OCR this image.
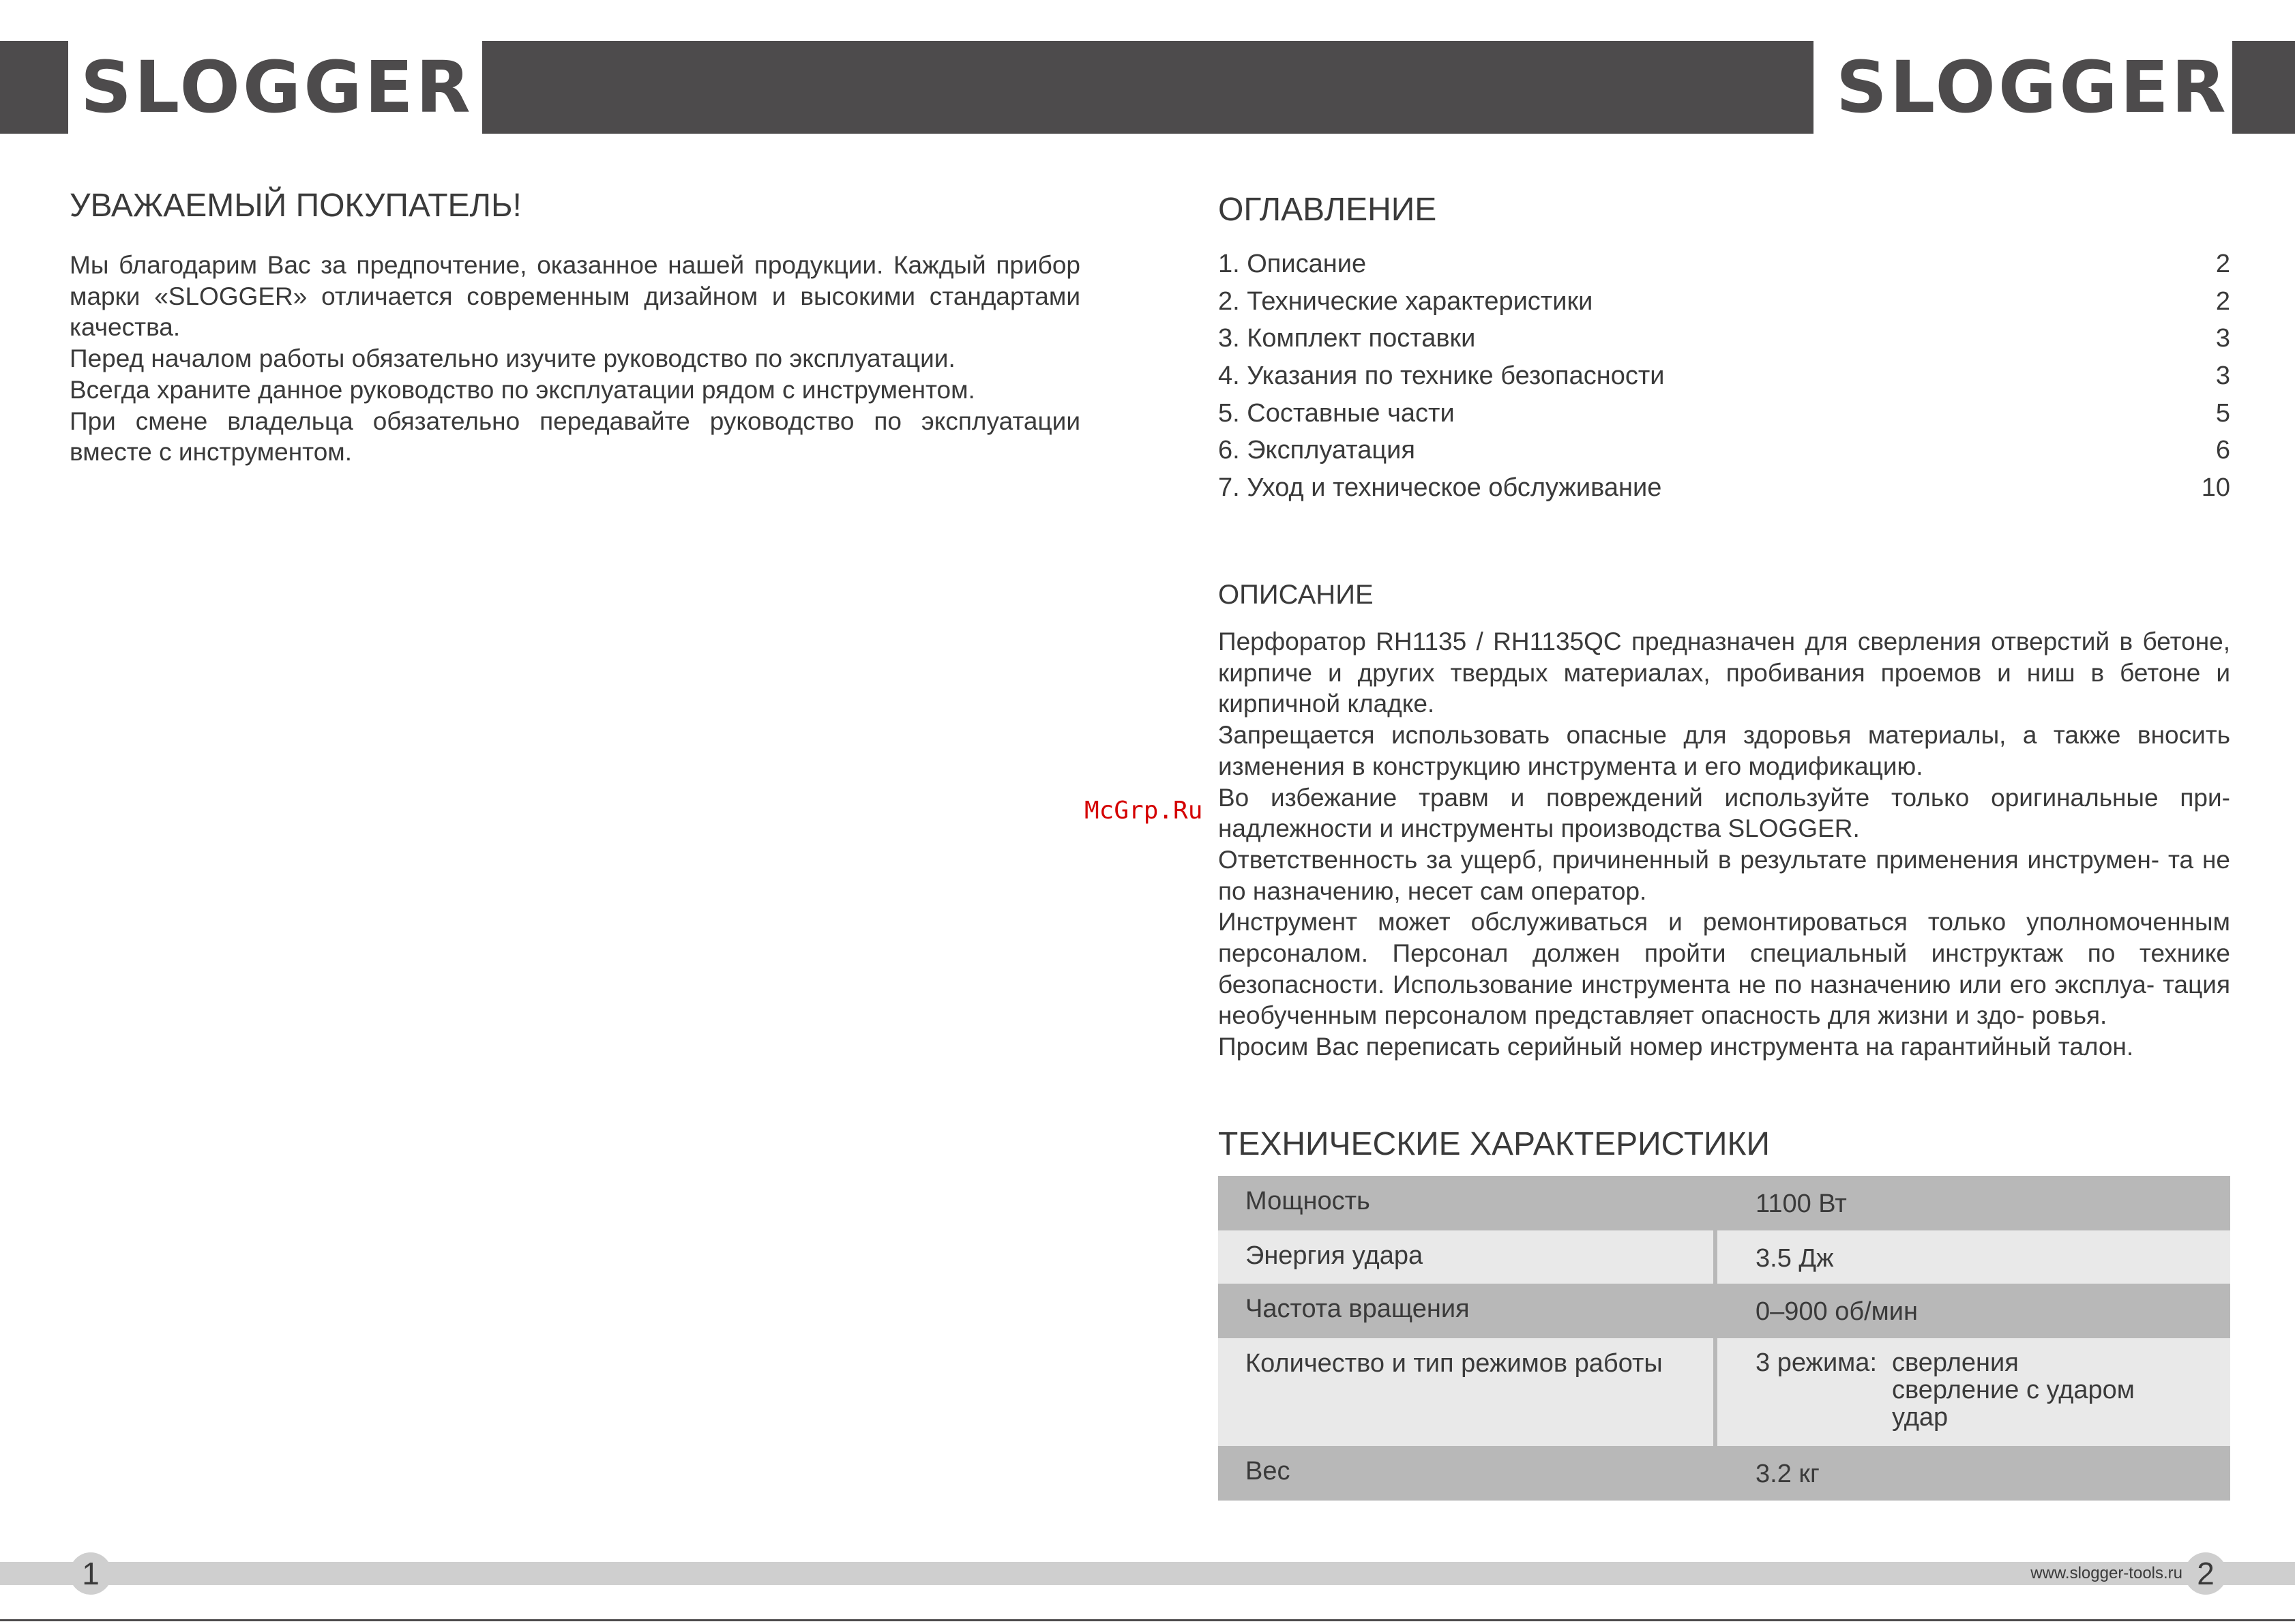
SLOGGER	SLOGGER
УВАЖАЕМЫЙ ПОКУПАТЕЛЬ!

Мы благодарим Вас за предпочтение, оказанное нашей продукции. Каждый прибор марки «SLOGGER» отличается современным дизайном и высокими стандартами качества.

Перед началом работы обязательно изучите руководство по эксплуатации.

Всегда храните данное руководство по эксплуатации рядом с инструментом.

При смене владельца обязательно передавайте руководство по эксплуатации вместе с инструментом.

ОГЛАВЛЕНИЕ
1. Описание	2
2. Технические характеристики	2
3. Комплект поставки	3
4. Указания по технике безопасности	3
5. Составные части	5
6. Эксплуатация	6
7. Уход и техническое обслуживание	10
ОПИСАНИЕ

Перфоратор RH1135 / RH1135QC предназначен для сверления отверстий в бетоне, кирпиче и других твердых материалах, пробивания проемов и ниш в бетоне и кирпичной кладке.

Запрещается использовать опасные для здоровья материалы, а также вносить изменения в конструкцию инструмента и его модификацию.

Во избежание травм и повреждений используйте только оригинальные при- надлежности и инструменты производства SLOGGER.

Ответственность за ущерб, причиненный в результате применения инструмен- та не по назначению, несет сам оператор.

Инструмент может обслуживаться и ремонтироваться только уполномоченным персоналом. Персонал должен пройти специальный инструктаж по технике безопасности. Использование инструмента не по назначению или его эксплуа- тация необученным персоналом представляет опасность для жизни и здо- ровья.

Просим Вас переписать серийный номер инструмента на гарантийный талон.

McGrp.Ru
ТЕХНИЧЕСКИЕ ХАРАКТЕРИСТИКИ
Мощность	1100 Вт
Энергия удара	3.5 Дж
Частота вращения	0–900 об/мин
Количество и тип режимов работы	3 режима: сверления
сверление с ударом
удар
Вес	3.2 кг
1	www.slogger-tools.ru 2
